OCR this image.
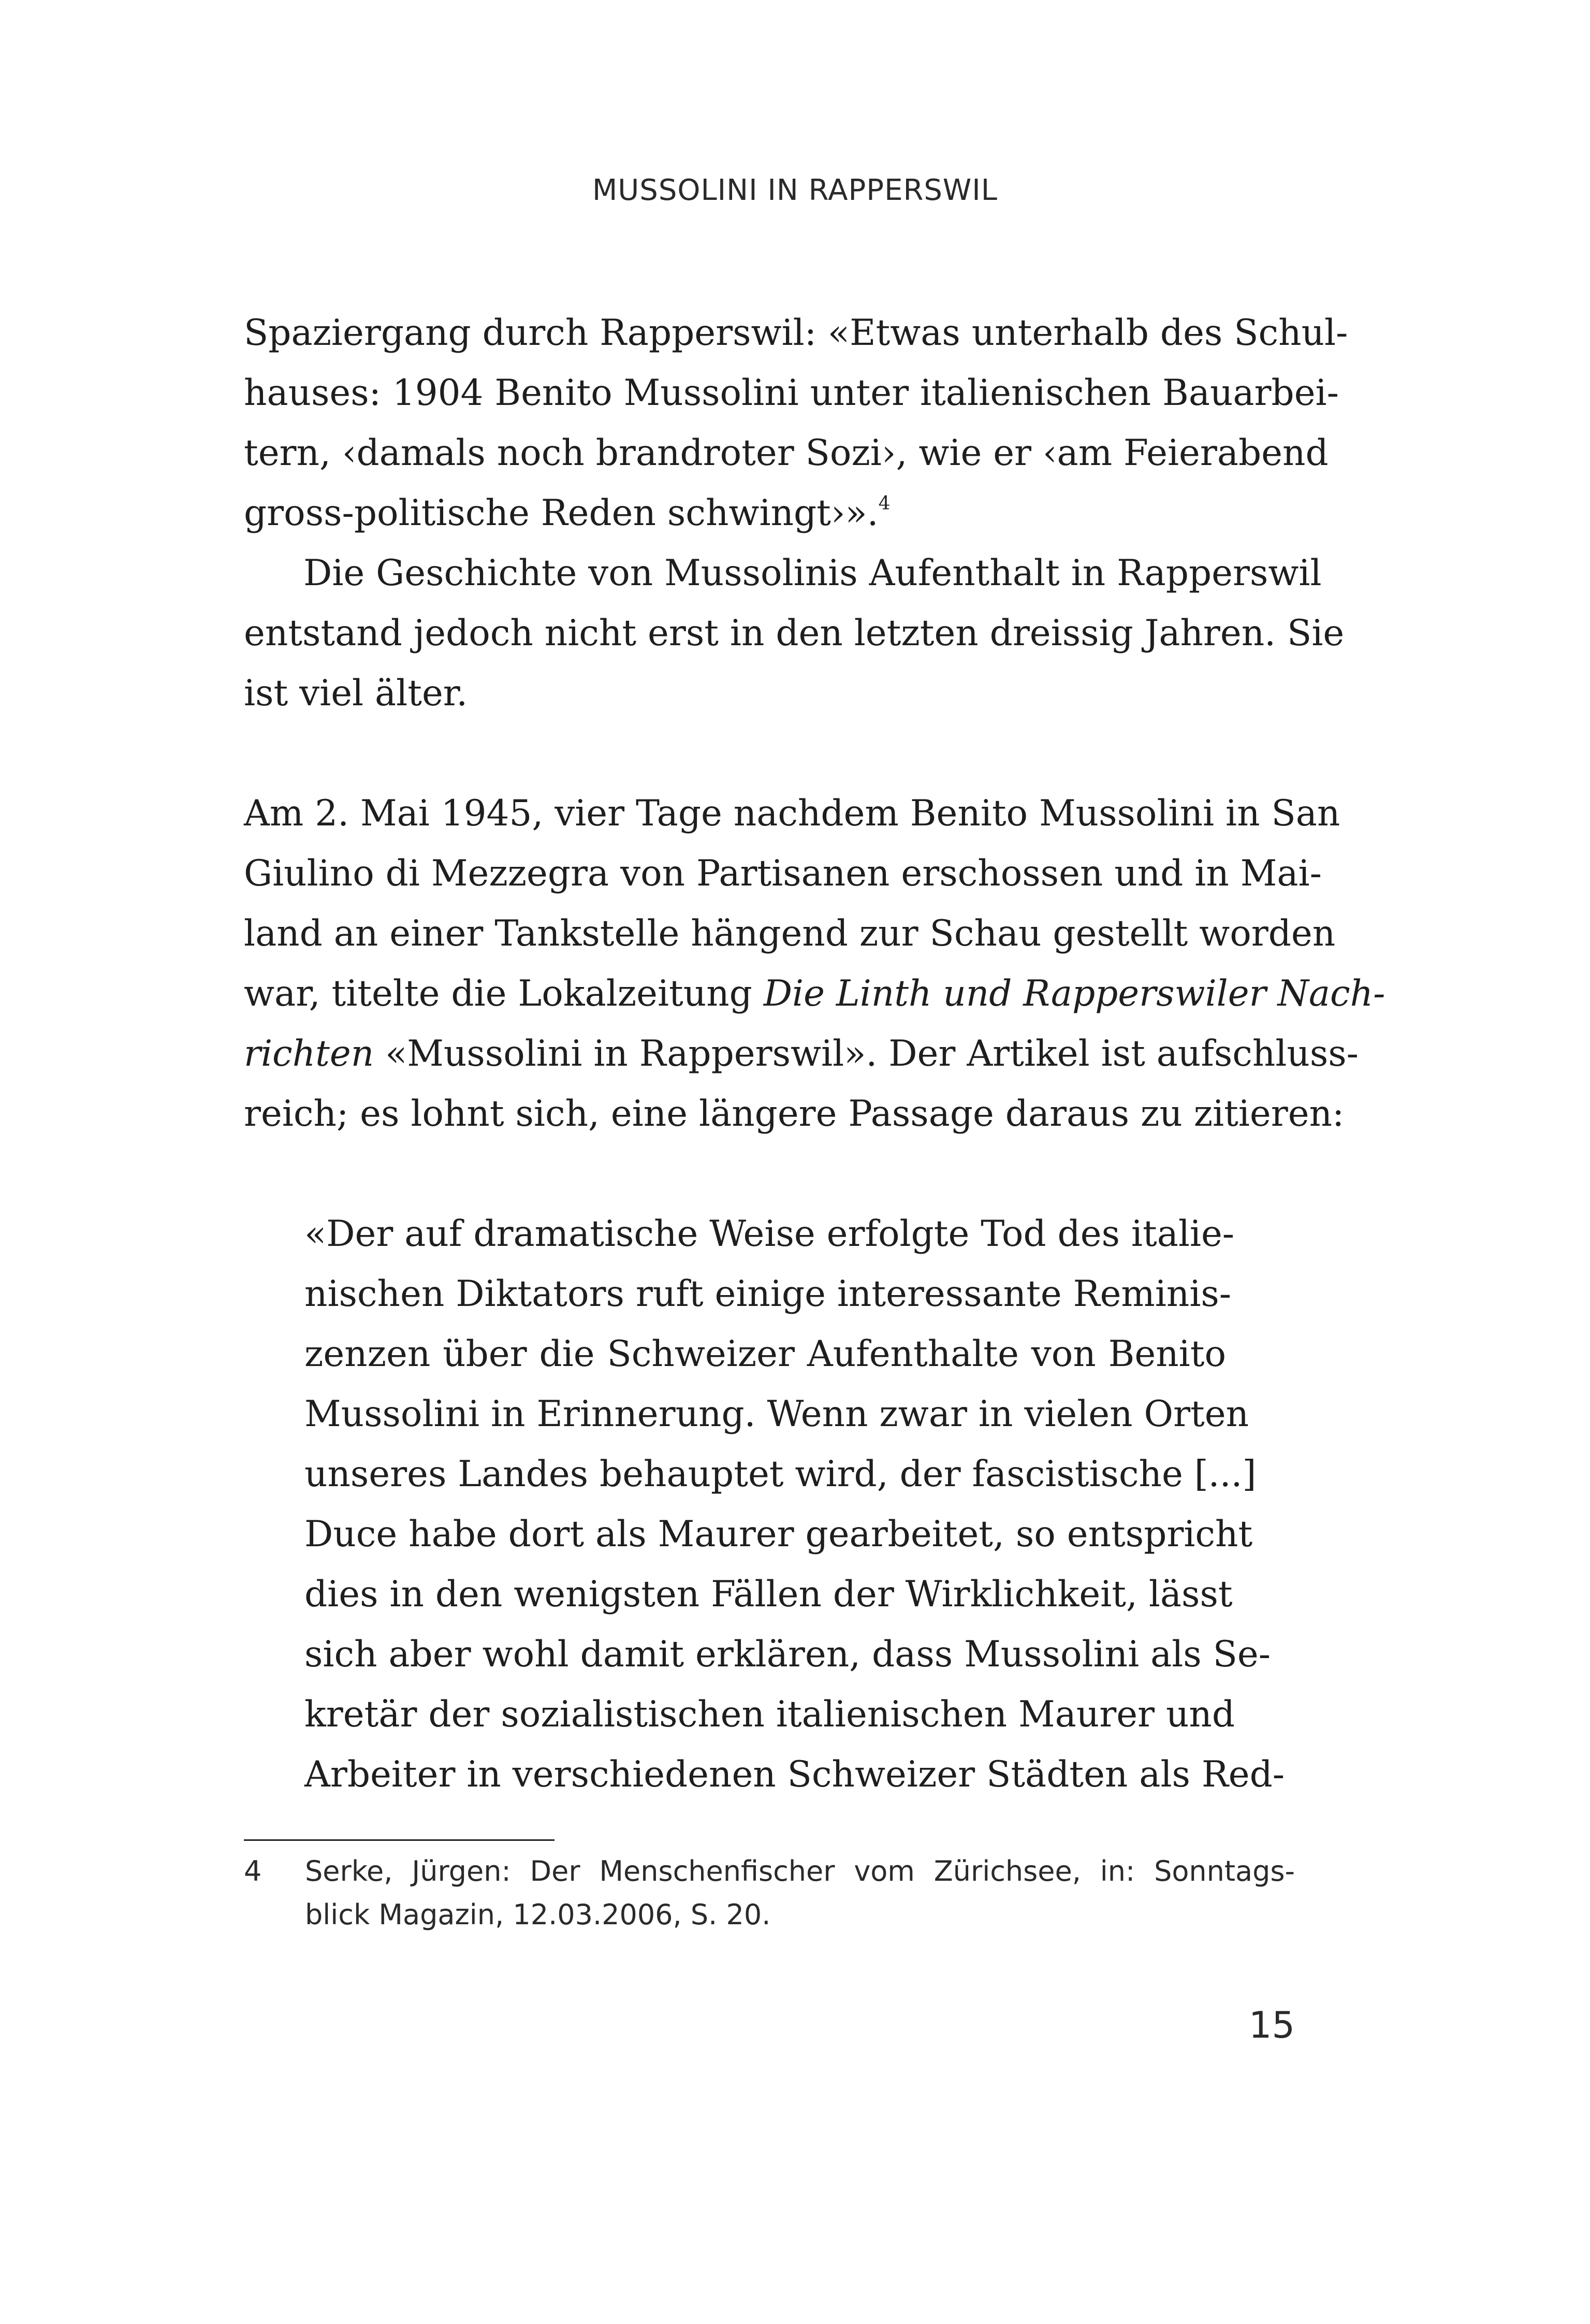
MUSSOLINI IN RAPPERSWIL
Spaziergang durch Rapperswil: «Etwas unterhalb des Schul-
hauses: 1904 Benito Mussolini unter italienischen Bauarbei-
tern, ‹damals noch brandroter Sozi›, wie er ‹am Feierabend
gross-politische Reden schwingt›».$^4$
Die Geschichte von Mussolinis Aufenthalt in Rapperswil
entstand jedoch nicht erst in den letzten dreissig Jahren. Sie
ist viel älter.
Am 2. Mai 1945, vier Tage nachdem Benito Mussolini in San
Giulino di Mezzegra von Partisanen erschossen und in Mai-
land an einer Tankstelle hängend zur Schau gestellt worden
war, titelte die Lokalzeitung Die Linth und Rapperswiler Nach-
richten «Mussolini in Rapperswil». Der Artikel ist aufschluss-
reich; es lohnt sich, eine längere Passage daraus zu zitieren:
«Der auf dramatische Weise erfolgte Tod des italie-
nischen Diktators ruft einige interessante Reminis-
zenzen über die Schweizer Aufenthalte von Benito
Mussolini in Erinnerung. Wenn zwar in vielen Orten
unseres Landes behauptet wird, der fascistische [...]
Duce habe dort als Maurer gearbeitet, so entspricht
dies in den wenigsten Fällen der Wirklichkeit, lässt
sich aber wohl damit erklären, dass Mussolini als Se-
kretär der sozialistischen italienischen Maurer und
Arbeiter in verschiedenen Schweizer Städten als Red-
4 Serke, Jürgen: Der Menschenfischer vom Zürichsee, in: Sonntags-
blick Magazin, 12.03.2006, S. 20.
15
